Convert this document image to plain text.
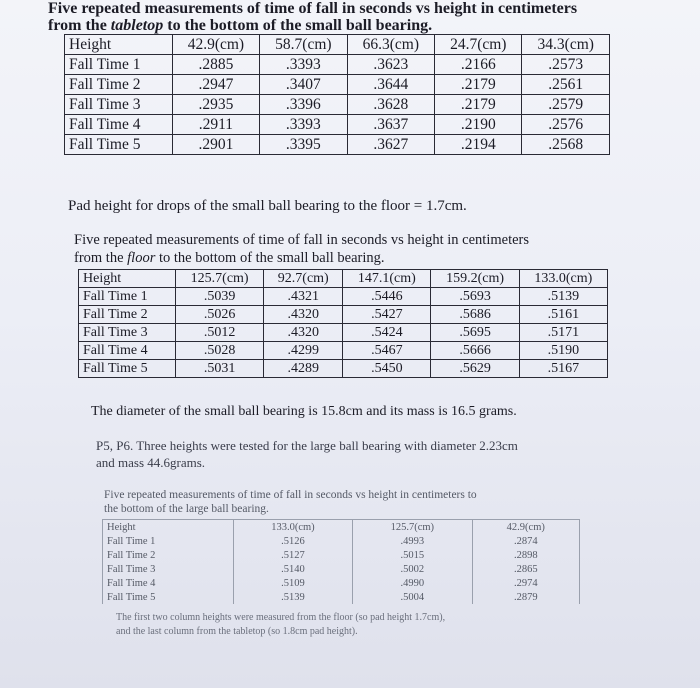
Five repeated measurements of time of fall in seconds vs height in centimeters
from the tabletop to the bottom of the small ball bearing.
Height	42.9(cm)	58.7(cm)	66.3(cm)	24.7(cm)	34.3(cm)
Fall Time 1	.2885	.3393	.3623	.2166	.2573
Fall Time 2	.2947	.3407	.3644	.2179	.2561
Fall Time 3	.2935	.3396	.3628	.2179	.2579
Fall Time 4	.2911	.3393	.3637	.2190	.2576
Fall Time 5	.2901	.3395	.3627	.2194	.2568
Pad height for drops of the small ball bearing to the floor = 1.7cm.
Five repeated measurements of time of fall in seconds vs height in centimeters
from the floor to the bottom of the small ball bearing.
Height	125.7(cm)	92.7(cm)	147.1(cm)	159.2(cm)	133.0(cm)
Fall Time 1	.5039	.4321	.5446	.5693	.5139
Fall Time 2	.5026	.4320	.5427	.5686	.5161
Fall Time 3	.5012	.4320	.5424	.5695	.5171
Fall Time 4	.5028	.4299	.5467	.5666	.5190
Fall Time 5	.5031	.4289	.5450	.5629	.5167
The diameter of the small ball bearing is 15.8cm and its mass is 16.5 grams.
P5, P6. Three heights were tested for the large ball bearing with diameter 2.23cm
and mass 44.6grams.
Five repeated measurements of time of fall in seconds vs height in centimeters to
the bottom of the large ball bearing.
Height	133.0(cm)	125.7(cm)	42.9(cm)
Fall Time 1	.5126	.4993	.2874
Fall Time 2	.5127	.5015	.2898
Fall Time 3	.5140	.5002	.2865
Fall Time 4	.5109	.4990	.2974
Fall Time 5	.5139	.5004	.2879
The first two column heights were measured from the floor (so pad height 1.7cm),
and the last column from the tabletop (so 1.8cm pad height).
